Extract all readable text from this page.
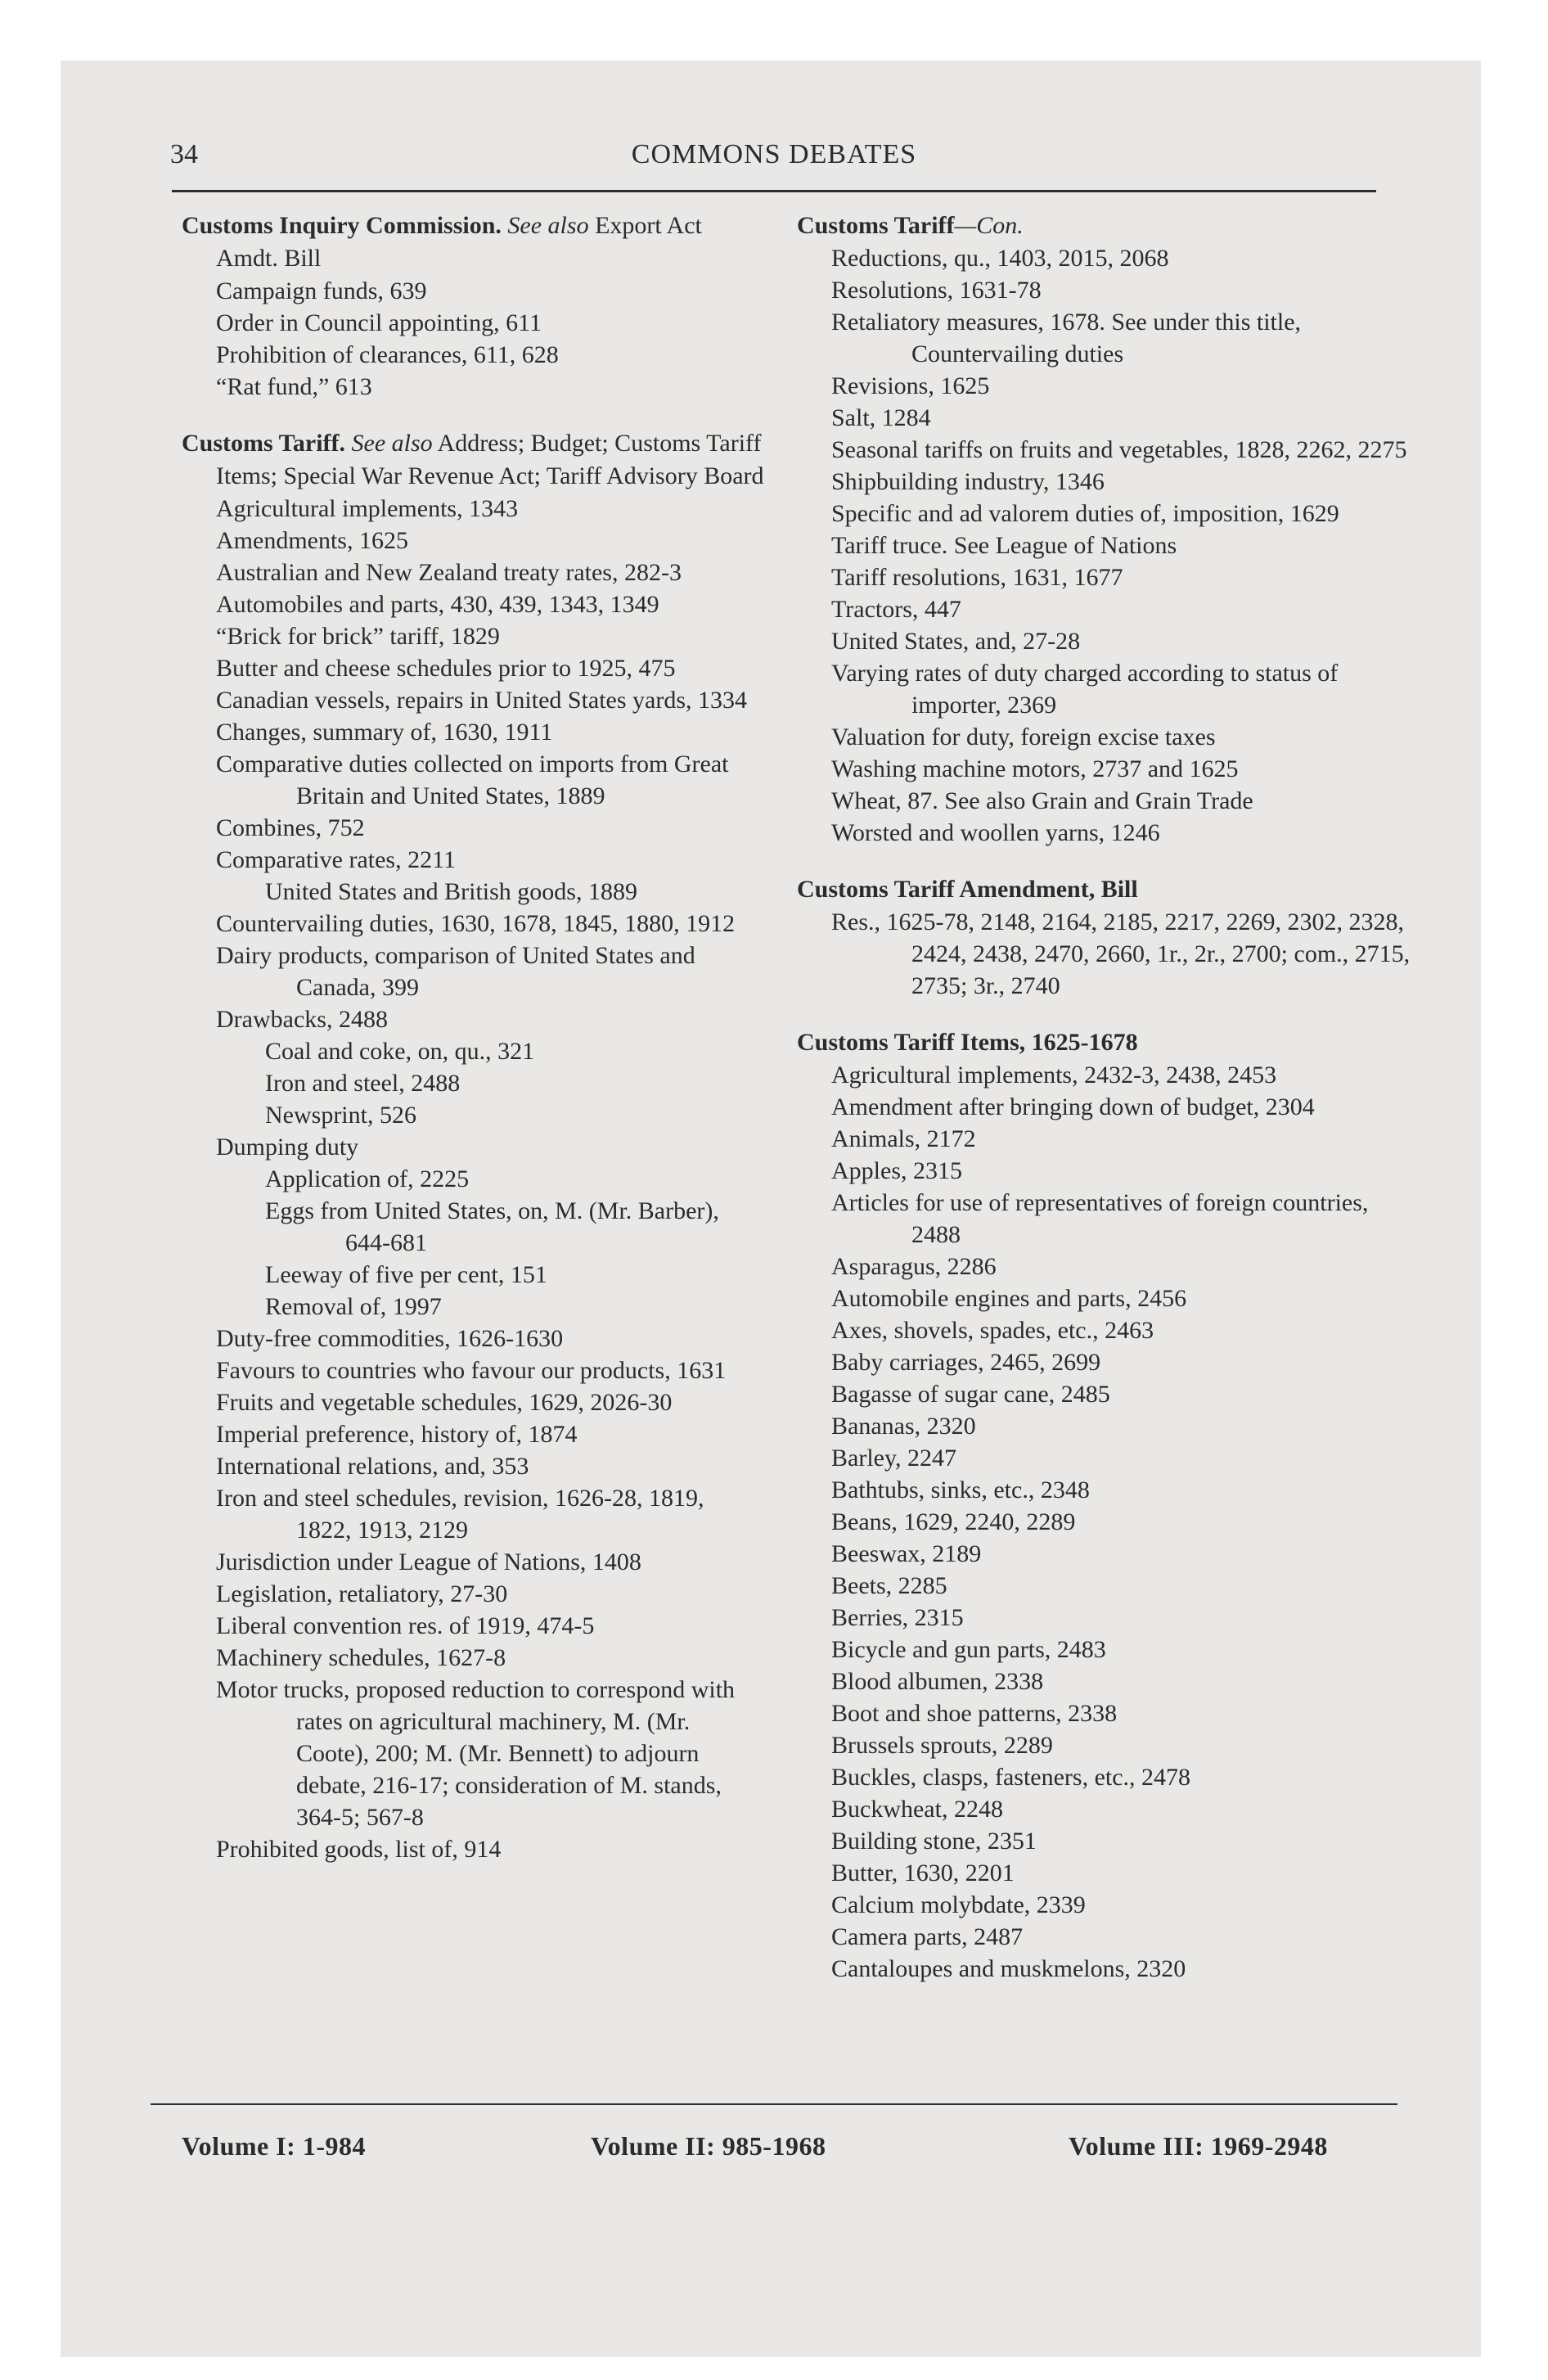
34	COMMONS DEBATES
Customs Inquiry Commission. See also Export Act Amdt. Bill
Campaign funds, 639
Order in Council appointing, 611
Prohibition of clearances, 611, 628
“Rat fund,” 613
Customs Tariff. See also Address; Budget; Customs Tariff Items; Special War Revenue Act; Tariff Advisory Board
Agricultural implements, 1343
Amendments, 1625
Australian and New Zealand treaty rates, 282-3
Automobiles and parts, 430, 439, 1343, 1349
“Brick for brick” tariff, 1829
Butter and cheese schedules prior to 1925, 475
Canadian vessels, repairs in United States yards, 1334
Changes, summary of, 1630, 1911
Comparative duties collected on imports from Great Britain and United States, 1889
Combines, 752
Comparative rates, 2211
United States and British goods, 1889
Countervailing duties, 1630, 1678, 1845, 1880, 1912
Dairy products, comparison of United States and Canada, 399
Drawbacks, 2488
Coal and coke, on, qu., 321
Iron and steel, 2488
Newsprint, 526
Dumping duty
Application of, 2225
Eggs from United States, on, M. (Mr. Barber), 644-681
Leeway of five per cent, 151
Removal of, 1997
Duty-free commodities, 1626-1630
Favours to countries who favour our products, 1631
Fruits and vegetable schedules, 1629, 2026-30
Imperial preference, history of, 1874
International relations, and, 353
Iron and steel schedules, revision, 1626-28, 1819, 1822, 1913, 2129
Jurisdiction under League of Nations, 1408
Legislation, retaliatory, 27-30
Liberal convention res. of 1919, 474-5
Machinery schedules, 1627-8
Motor trucks, proposed reduction to correspond with rates on agricultural machinery, M. (Mr. Coote), 200; M. (Mr. Bennett) to adjourn debate, 216-17; consideration of M. stands, 364-5; 567-8
Prohibited goods, list of, 914
Customs Tariff—Con.
Reductions, qu., 1403, 2015, 2068
Resolutions, 1631-78
Retaliatory measures, 1678. See under this title, Countervailing duties
Revisions, 1625
Salt, 1284
Seasonal tariffs on fruits and vegetables, 1828, 2262, 2275
Shipbuilding industry, 1346
Specific and ad valorem duties of, imposition, 1629
Tariff truce. See League of Nations
Tariff resolutions, 1631, 1677
Tractors, 447
United States, and, 27-28
Varying rates of duty charged according to status of importer, 2369
Valuation for duty, foreign excise taxes
Washing machine motors, 2737 and 1625
Wheat, 87. See also Grain and Grain Trade
Worsted and woollen yarns, 1246
Customs Tariff Amendment, Bill
Res., 1625-78, 2148, 2164, 2185, 2217, 2269, 2302, 2328, 2424, 2438, 2470, 2660, 1r., 2r., 2700; com., 2715, 2735; 3r., 2740
Customs Tariff Items, 1625-1678
Agricultural implements, 2432-3, 2438, 2453
Amendment after bringing down of budget, 2304
Animals, 2172
Apples, 2315
Articles for use of representatives of foreign countries, 2488
Asparagus, 2286
Automobile engines and parts, 2456
Axes, shovels, spades, etc., 2463
Baby carriages, 2465, 2699
Bagasse of sugar cane, 2485
Bananas, 2320
Barley, 2247
Bathtubs, sinks, etc., 2348
Beans, 1629, 2240, 2289
Beeswax, 2189
Beets, 2285
Berries, 2315
Bicycle and gun parts, 2483
Blood albumen, 2338
Boot and shoe patterns, 2338
Brussels sprouts, 2289
Buckles, clasps, fasteners, etc., 2478
Buckwheat, 2248
Building stone, 2351
Butter, 1630, 2201
Calcium molybdate, 2339
Camera parts, 2487
Cantaloupes and muskmelons, 2320
Volume I: 1-984	Volume II: 985-1968	Volume III: 1969-2948
